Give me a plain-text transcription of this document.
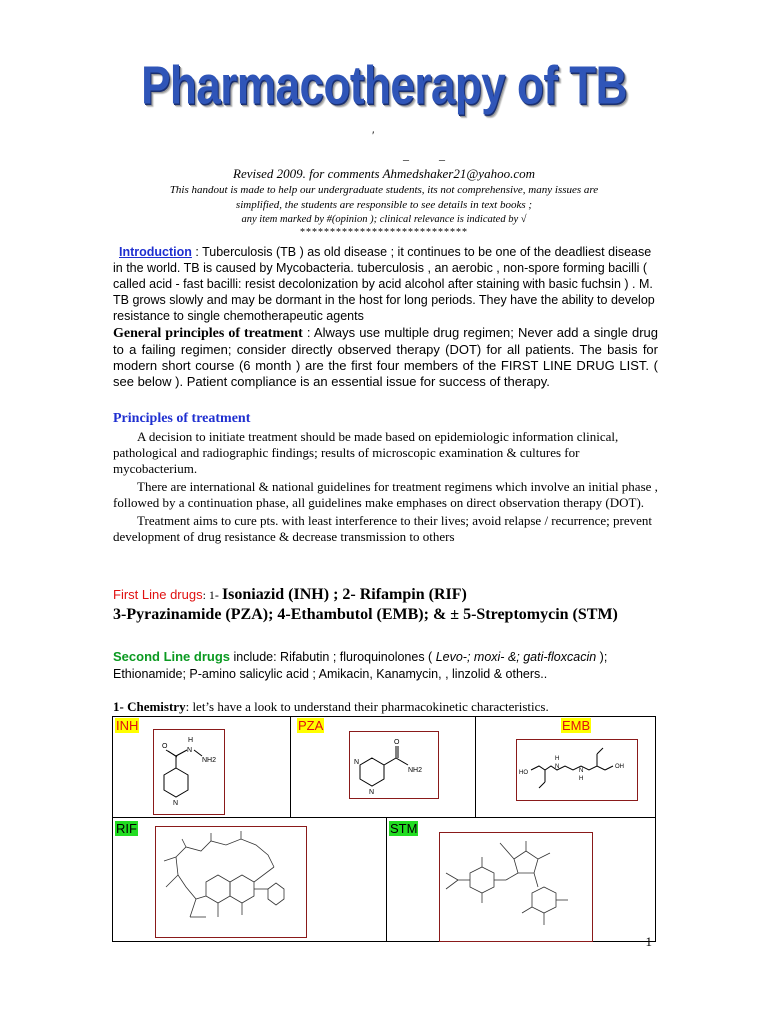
Pharmacotherapy of TB
′
_          _
Revised 2009. for comments Ahmedshaker21@yahoo.com
This handout is made to help our undergraduate students, its not comprehensive, many issues are
simplified, the students are responsible to see details in text books ;
any item marked by #(opinion ); clinical relevance is indicated by √
****************************
Introduction : Tuberculosis (TB ) as old disease ; it continues to be one of the deadliest disease in the world. TB is caused by Mycobacteria. tuberculosis , an aerobic , non-spore forming bacilli ( called acid - fast bacilli: resist decolonization by acid alcohol after staining with basic fuchsin ) . M. TB grows slowly and may be dormant in the host for long periods. They have the ability to develop resistance to single chemotherapeutic agents
General principles of treatment : Always use multiple drug regimen; Never add a single drug to a failing regimen; consider directly observed therapy (DOT) for all patients. The basis for modern short course (6 month ) are the first four members of the FIRST LINE DRUG LIST. ( see below ). Patient compliance is an essential issue for success of therapy.
Principles of treatment
A decision to initiate treatment should be made based on epidemiologic information clinical, pathological and radiographic findings; results of microscopic examination & cultures for mycobacterium.
There are international & national guidelines for treatment regimens which involve an initial phase , followed by a continuation phase, all guidelines make emphases on direct observation therapy (DOT).
Treatment aims to cure pts. with least interference to their lives; avoid relapse / recurrence; prevent development of drug resistance & decrease transmission to others
First Line drugs: 1- Isoniazid (INH) ; 2- Rifampin (RIF)
3-Pyrazinamide (PZA); 4-Ethambutol (EMB); & ± 5-Streptomycin (STM)
Second Line drugs include: Rifabutin ; fluroquinolones ( Levo-; moxi- &; gati-floxcacin ); Ethionamide; P-amino salicylic acid ; Amikacin, Kanamycin, , linzolid & others..
1- Chemistry: let’s have a look to understand their pharmacokinetic characteristics.
INH
O
H
N
NH2
N
PZA
O
NH2
N
N
EMB
HO
OH
H
N
N
H
RIF	STM
1
